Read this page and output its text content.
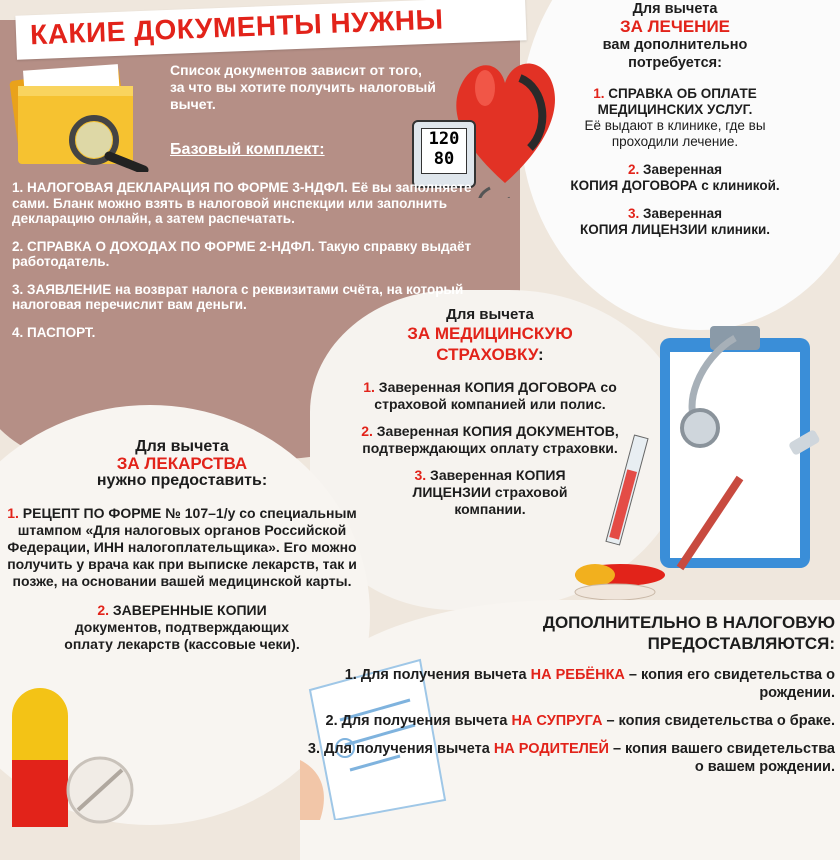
КАКИЕ ДОКУМЕНТЫ НУЖНЫ
120
80
Список документов зависит от того, за что вы хотите получить налоговый вычет.
Базовый комплект:
1. НАЛОГОВАЯ ДЕКЛАРАЦИЯ ПО ФОРМЕ 3-НДФЛ. Её вы заполняете сами. Бланк можно взять в налоговой инспекции или заполнить декларацию онлайн, а затем распечатать.
2. СПРАВКА О ДОХОДАХ ПО ФОРМЕ 2-НДФЛ. Такую справку выдаёт работодатель.
3. ЗАЯВЛЕНИЕ на возврат налога с реквизитами счёта, на который налоговая перечислит вам деньги.
4. ПАСПОРТ.
Для вычета
ЗА ЛЕЧЕНИЕ
вам дополнительно потребуется:
1. СПРАВКА ОБ ОПЛАТЕ МЕДИЦИНСКИХ УСЛУГ.
Её выдают в клинике, где вы проходили лечение.
2. Заверенная
КОПИЯ ДОГОВОРА с клиникой.
3. Заверенная
КОПИЯ ЛИЦЕНЗИИ клиники.
Для вычета
ЗА МЕДИЦИНСКУЮ СТРАХОВКУ:
1. Заверенная КОПИЯ ДОГОВОРА со страховой компанией или полис.
2. Заверенная КОПИЯ ДОКУМЕНТОВ, подтверждающих оплату страховки.
3. Заверенная КОПИЯ ЛИЦЕНЗИИ страховой компании.
Для вычета
ЗА ЛЕКАРСТВА
нужно предоставить:
1. РЕЦЕПТ ПО ФОРМЕ № 107–1/у со специальным штампом «Для налоговых органов Российской Федерации, ИНН налогоплательщика». Его можно получить у врача как при выписке лекарств, так и позже, на основании вашей медицинской карты.
2. ЗАВЕРЕННЫЕ КОПИИ документов, подтверждающих оплату лекарств (кассовые чеки).
ДОПОЛНИТЕЛЬНО В НАЛОГОВУЮ ПРЕДОСТАВЛЯЮТСЯ:
1. Для получения вычета НА РЕБЁНКА – копия его свидетельства о рождении.
2. Для получения вычета НА СУПРУГА – копия свидетельства о браке.
3. Для получения вычета НА РОДИТЕЛЕЙ – копия вашего свидетельства о вашем рождении.
